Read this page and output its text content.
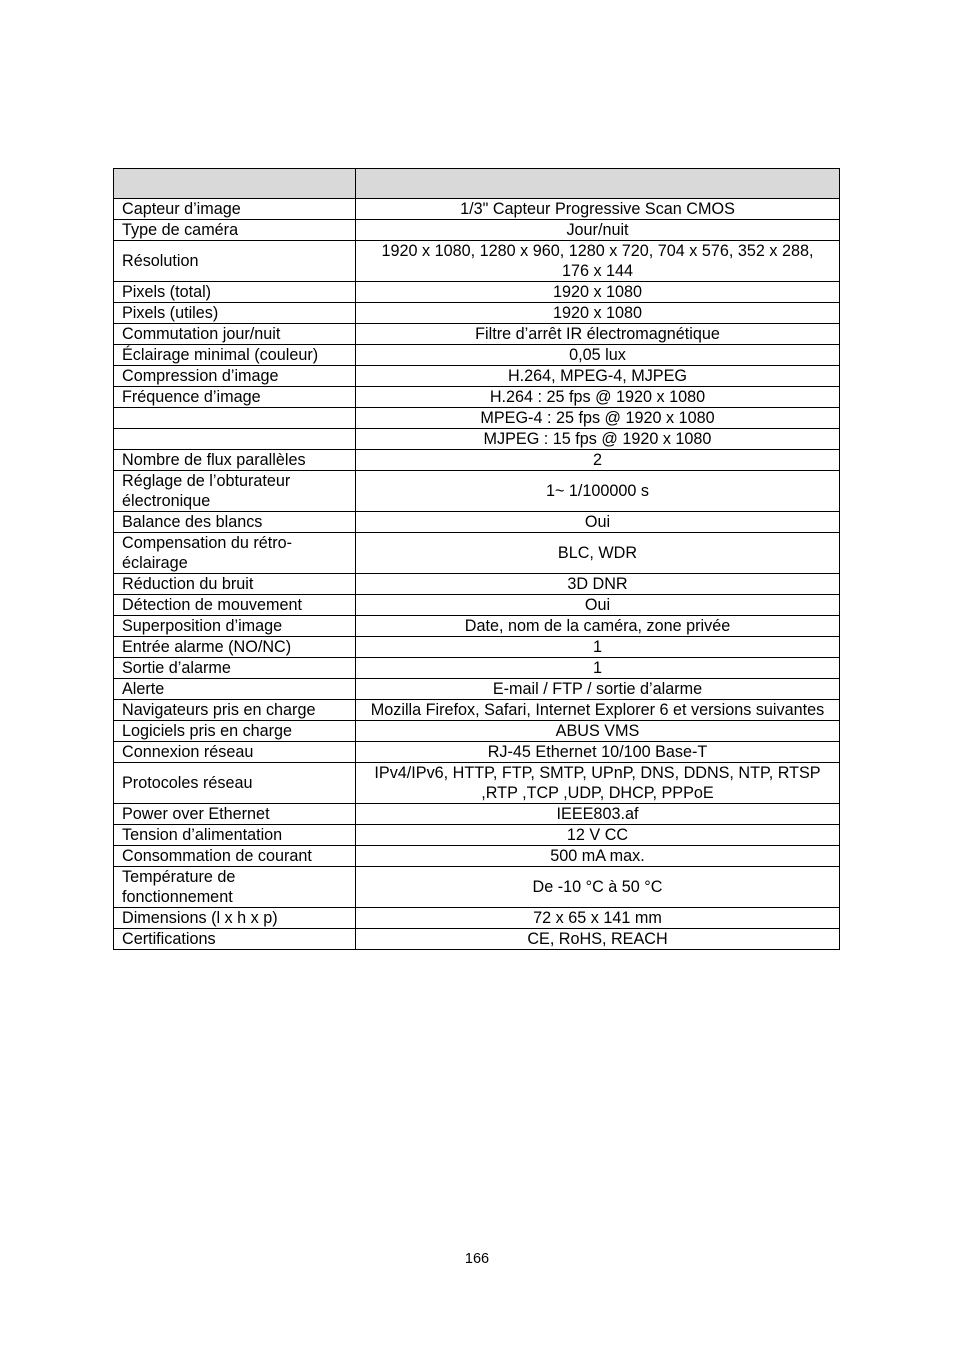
Capteur d’image	1/3" Capteur Progressive Scan CMOS
Type de caméra	Jour/nuit
Résolution	1920 x 1080, 1280 x 960, 1280 x 720, 704 x 576, 352 x 288, 176 x 144
Pixels (total)	1920 x 1080
Pixels (utiles)	1920 x 1080
Commutation jour/nuit	Filtre d’arrêt IR électromagnétique
Éclairage minimal (couleur)	0,05 lux
Compression d’image	H.264, MPEG-4, MJPEG
Fréquence d’image	H.264 : 25 fps @ 1920 x 1080
	MPEG-4 : 25 fps @ 1920 x 1080
	MJPEG : 15 fps @ 1920 x 1080
Nombre de flux parallèles	2
Réglage de l’obturateur électronique	1~ 1/100000 s
Balance des blancs	Oui
Compensation du rétro-éclairage	BLC, WDR
Réduction du bruit	3D DNR
Détection de mouvement	Oui
Superposition d’image	Date, nom de la caméra, zone privée
Entrée alarme (NO/NC)	1
Sortie d’alarme	1
Alerte	E-mail / FTP / sortie d’alarme
Navigateurs pris en charge	Mozilla Firefox, Safari, Internet Explorer 6 et versions suivantes
Logiciels pris en charge	ABUS VMS
Connexion réseau	RJ-45 Ethernet 10/100 Base-T
Protocoles réseau	IPv4/IPv6, HTTP, FTP, SMTP, UPnP, DNS, DDNS, NTP, RTSP ,RTP ,TCP ,UDP, DHCP, PPPoE
Power over Ethernet	IEEE803.af
Tension d’alimentation	12 V CC
Consommation de courant	500 mA max.
Température de fonctionnement	De -10 °C à 50 °C
Dimensions (l x h x p)	72 x 65 x 141 mm
Certifications	CE, RoHS, REACH
166
